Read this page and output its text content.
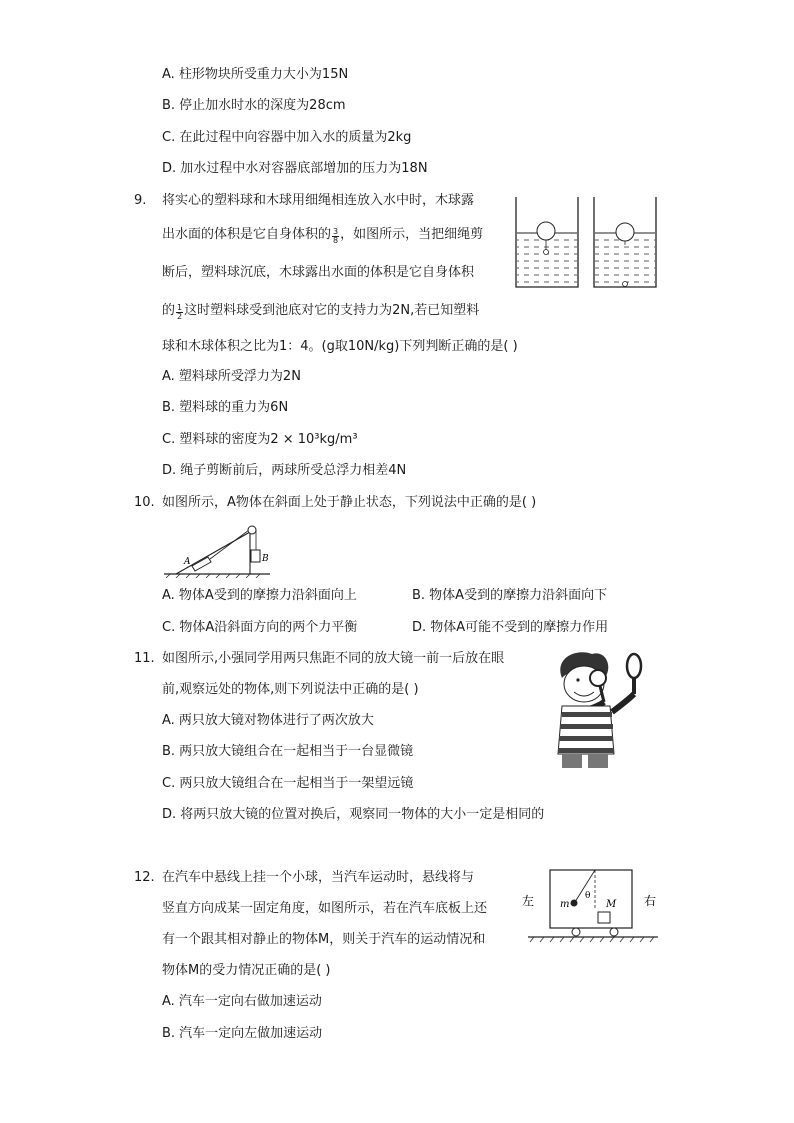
A. 柱形物块所受重力大小为15N
B. 停止加水时水的深度为28cm
C. 在此过程中向容器中加入水的质量为2kg
D. 加水过程中水对容器底部增加的压力为18N
9. 将实心的塑料球和木球用细绳相连放入水中时，木球露
出水面的体积是它自身体积的 $\frac{3}{8}$ ，如图所示，当把细绳剪
断后，塑料球沉底，木球露出水面的体积是它自身体积
的 $\frac{1}{2}$ 这时塑料球受到池底对它的支持力为2N,若已知塑料
球和木球体积之比为1：4。(g取10N/kg)下列判断正确的是( )
A. 塑料球所受浮力为2N
B. 塑料球的重力为6N
C. 塑料球的密度为2 × 10³kg/m³
D. 绳子剪断前后，两球所受总浮力相差4N
10. 如图所示，A物体在斜面上处于静止状态，下列说法中正确的是( )
A	B
A. 物体A受到的摩擦力沿斜面向上	B. 物体A受到的摩擦力沿斜面向下
C. 物体A沿斜面方向的两个力平衡	D. 物体A可能不受到的摩擦力作用
11. 如图所示,小强同学用两只焦距不同的放大镜一前一后放在眼
前,观察远处的物体,则下列说法中正确的是( )
A. 两只放大镜对物体进行了两次放大
B. 两只放大镜组合在一起相当于一台显微镜
C. 两只放大镜组合在一起相当于一架望远镜
D. 将两只放大镜的位置对换后，观察同一物体的大小一定是相同的
12. 在汽车中悬线上挂一个小球，当汽车运动时，悬线将与
竖直方向成某一固定角度，如图所示，若在汽车底板上还
有一个跟其相对静止的物体M，则关于汽车的运动情况和
物体M的受力情况正确的是( )
左	右
m
θ
M
A. 汽车一定向右做加速运动
B. 汽车一定向左做加速运动
